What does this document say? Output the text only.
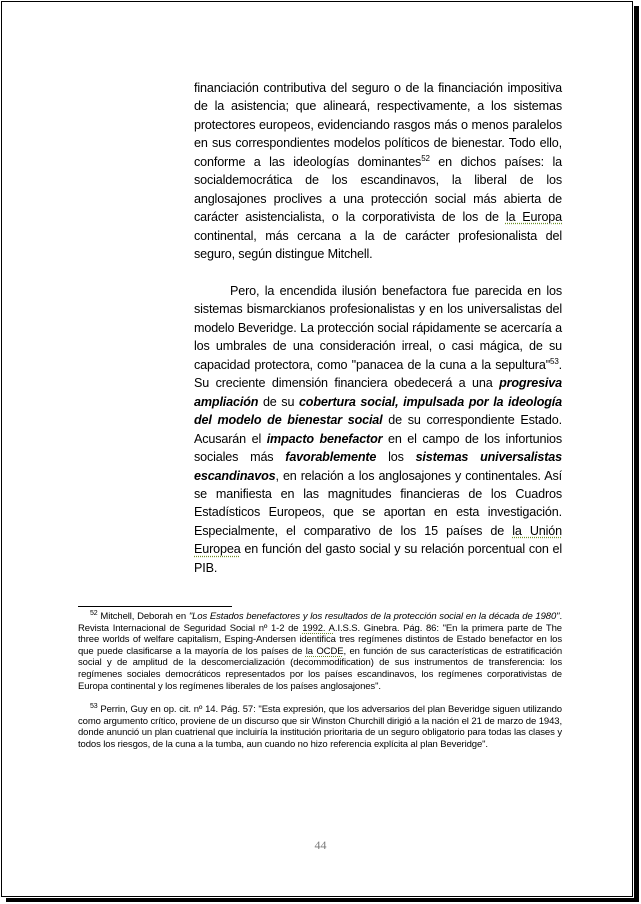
financiación contributiva del seguro o de la financiación impositiva de la asistencia; que alineará, respectivamente, a los sistemas protectores europeos, evidenciando rasgos más o menos paralelos en sus correspondientes modelos políticos de bienestar. Todo ello, conforme a las ideologías dominantes$^{52}$ en dichos países: la socialdemocrática de los escandinavos, la liberal de los anglosajones proclives a una protección social más abierta de carácter asistencialista, o la corporativista de los de la Europa continental, más cercana a la de carácter profesionalista del seguro, según distingue Mitchell.

Pero, la encendida ilusión benefactora fue parecida en los sistemas bismarckianos profesionalistas y en los universalistas del modelo Beveridge. La protección social rápidamente se acercaría a los umbrales de una consideración irreal, o casi mágica, de su capacidad protectora, como "panacea de la cuna a la sepultura"$^{53}$. Su creciente dimensión financiera obedecerá a una progresiva ampliación de su cobertura social, impulsada por la ideología del modelo de bienestar social de su correspondiente Estado. Acusarán el impacto benefactor en el campo de los infortunios sociales más favorablemente los sistemas universalistas escandinavos, en relación a los anglosajones y continentales. Así se manifiesta en las magnitudes financieras de los Cuadros Estadísticos Europeos, que se aportan en esta investigación. Especialmente, el comparativo de los 15 países de la Unión Europea en función del gasto social y su relación porcentual con el PIB.

$^{52}$ Mitchell, Deborah en "Los Estados benefactores y los resultados de la protección social en la década de 1980". Revista Internacional de Seguridad Social nº 1-2 de 1992. A.I.S.S. Ginebra. Pág. 86: "En la primera parte de The three worlds of welfare capitalism, Esping-Andersen identifica tres regímenes distintos de Estado benefactor en los que puede clasificarse a la mayoría de los países de la OCDE, en función de sus características de estratificación social y de amplitud de la descomercialización (decommodification) de sus instrumentos de transferencia: los regímenes sociales democráticos representados por los países escandinavos, los regímenes corporativistas de Europa continental y los regímenes liberales de los países anglosajones".

$^{53}$ Perrin, Guy en op. cit. nº 14. Pág. 57: "Esta expresión, que los adversarios del plan Beveridge siguen utilizando como argumento crítico, proviene de un discurso que sir Winston Churchill dirigió a la nación el 21 de marzo de 1943, donde anunció un plan cuatrienal que incluiría la institución prioritaria de un seguro obligatorio para todas las clases y todos los riesgos, de la cuna a la tumba, aun cuando no hizo referencia explícita al plan Beveridge".

44
